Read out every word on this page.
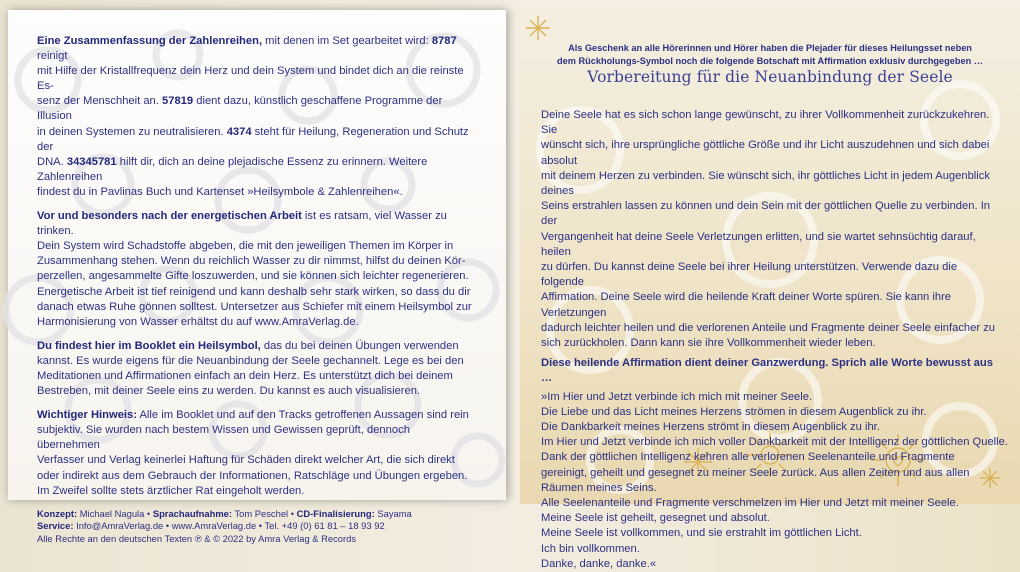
Eine Zusammenfassung der Zahlenreihen, mit denen im Set gearbeitet wird: 8787 reinigt
mit Hilfe der Kristallfrequenz dein Herz und dein System und bindet dich an die reinste Es-
senz der Menschheit an. 57819 dient dazu, künstlich geschaffene Programme der Illusion
in deinen Systemen zu neutralisieren. 4374 steht für Heilung, Regeneration und Schutz der
DNA. 34345781 hilft dir, dich an deine plejadische Essenz zu erinnern. Weitere Zahlenreihen
findest du in Pavlinas Buch und Kartenset »Heilsymbole & Zahlenreihen«.

Vor und besonders nach der energetischen Arbeit ist es ratsam, viel Wasser zu trinken.
Dein System wird Schadstoffe abgeben, die mit den jeweiligen Themen im Körper in
Zusammenhang stehen. Wenn du reichlich Wasser zu dir nimmst, hilfst du deinen Kör-
perzellen, angesammelte Gifte loszuwerden, und sie können sich leichter regenerieren.
Energetische Arbeit ist tief reinigend und kann deshalb sehr stark wirken, so dass du dir
danach etwas Ruhe gönnen solltest. Untersetzer aus Schiefer mit einem Heilsymbol zur
Harmonisierung von Wasser erhältst du auf www.AmraVerlag.de.

Du findest hier im Booklet ein Heilsymbol, das du bei deinen Übungen verwenden
kannst. Es wurde eigens für die Neuanbindung der Seele gechannelt. Lege es bei den
Meditationen und Affirmationen einfach an dein Herz. Es unterstützt dich bei deinem
Bestreben, mit deiner Seele eins zu werden. Du kannst es auch visualisieren.

Wichtiger Hinweis: Alle im Booklet und auf den Tracks getroffenen Aussagen sind rein
subjektiv. Sie wurden nach bestem Wissen und Gewissen geprüft, dennoch übernehmen
Verfasser und Verlag keinerlei Haftung für Schäden direkt welcher Art, die sich direkt
oder indirekt aus dem Gebrauch der Informationen, Ratschläge und Übungen ergeben.
Im Zweifel sollte stets ärztlicher Rat eingeholt werden.

Konzept: Michael Nagula • Sprachaufnahme: Tom Peschel • CD-Finalisierung: Sayama
Service: Info@AmraVerlag.de • www.AmraVerlag.de • Tel. +49 (0) 61 81 – 18 93 92
Alle Rechte an den deutschen Texten ℗ & © 2022 by Amra Verlag & Records
Als Geschenk an alle Hörerinnen und Hörer haben die Plejader für dieses Heilungsset neben
dem Rückholungs-Symbol noch die folgende Botschaft mit Affirmation exklusiv durchgegeben …
Vorbereitung für die Neuanbindung der Seele
Deine Seele hat es sich schon lange gewünscht, zu ihrer Vollkommenheit zurückzukehren. Sie
wünscht sich, ihre ursprüngliche göttliche Größe und ihr Licht auszudehnen und sich dabei absolut
mit deinem Herzen zu verbinden. Sie wünscht sich, ihr göttliches Licht in jedem Augenblick deines
Seins erstrahlen lassen zu können und dein Sein mit der göttlichen Quelle zu verbinden. In der
Vergangenheit hat deine Seele Verletzungen erlitten, und sie wartet sehnsüchtig darauf, heilen
zu dürfen. Du kannst deine Seele bei ihrer Heilung unterstützen. Verwende dazu die folgende
Affirmation. Deine Seele wird die heilende Kraft deiner Worte spüren. Sie kann ihre Verletzungen
dadurch leichter heilen und die verlorenen Anteile und Fragmente deiner Seele einfacher zu
sich zurückholen. Dann kann sie ihre Vollkommenheit wieder leben.
Diese heilende Affirmation dient deiner Ganzwerdung. Sprich alle Worte bewusst aus …
»Im Hier und Jetzt verbinde ich mich mit meiner Seele.
Die Liebe und das Licht meines Herzens strömen in diesem Augenblick zu ihr.
Die Dankbarkeit meines Herzens strömt in diesem Augenblick zu ihr.
Im Hier und Jetzt verbinde ich mich voller Dankbarkeit mit der Intelligenz der göttlichen Quelle.
Dank der göttlichen Intelligenz kehren alle verlorenen Seelenanteile und Fragmente
gereinigt, geheilt und gesegnet zu meiner Seele zurück. Aus allen Zeiten und aus allen
Räumen meines Seins.
Alle Seelenanteile und Fragmente verschmelzen im Hier und Jetzt mit meiner Seele.
Meine Seele ist geheilt, gesegnet und absolut.
Meine Seele ist vollkommen, und sie erstrahlt im göttlichen Licht.
Ich bin vollkommen.
Danke, danke, danke.«
